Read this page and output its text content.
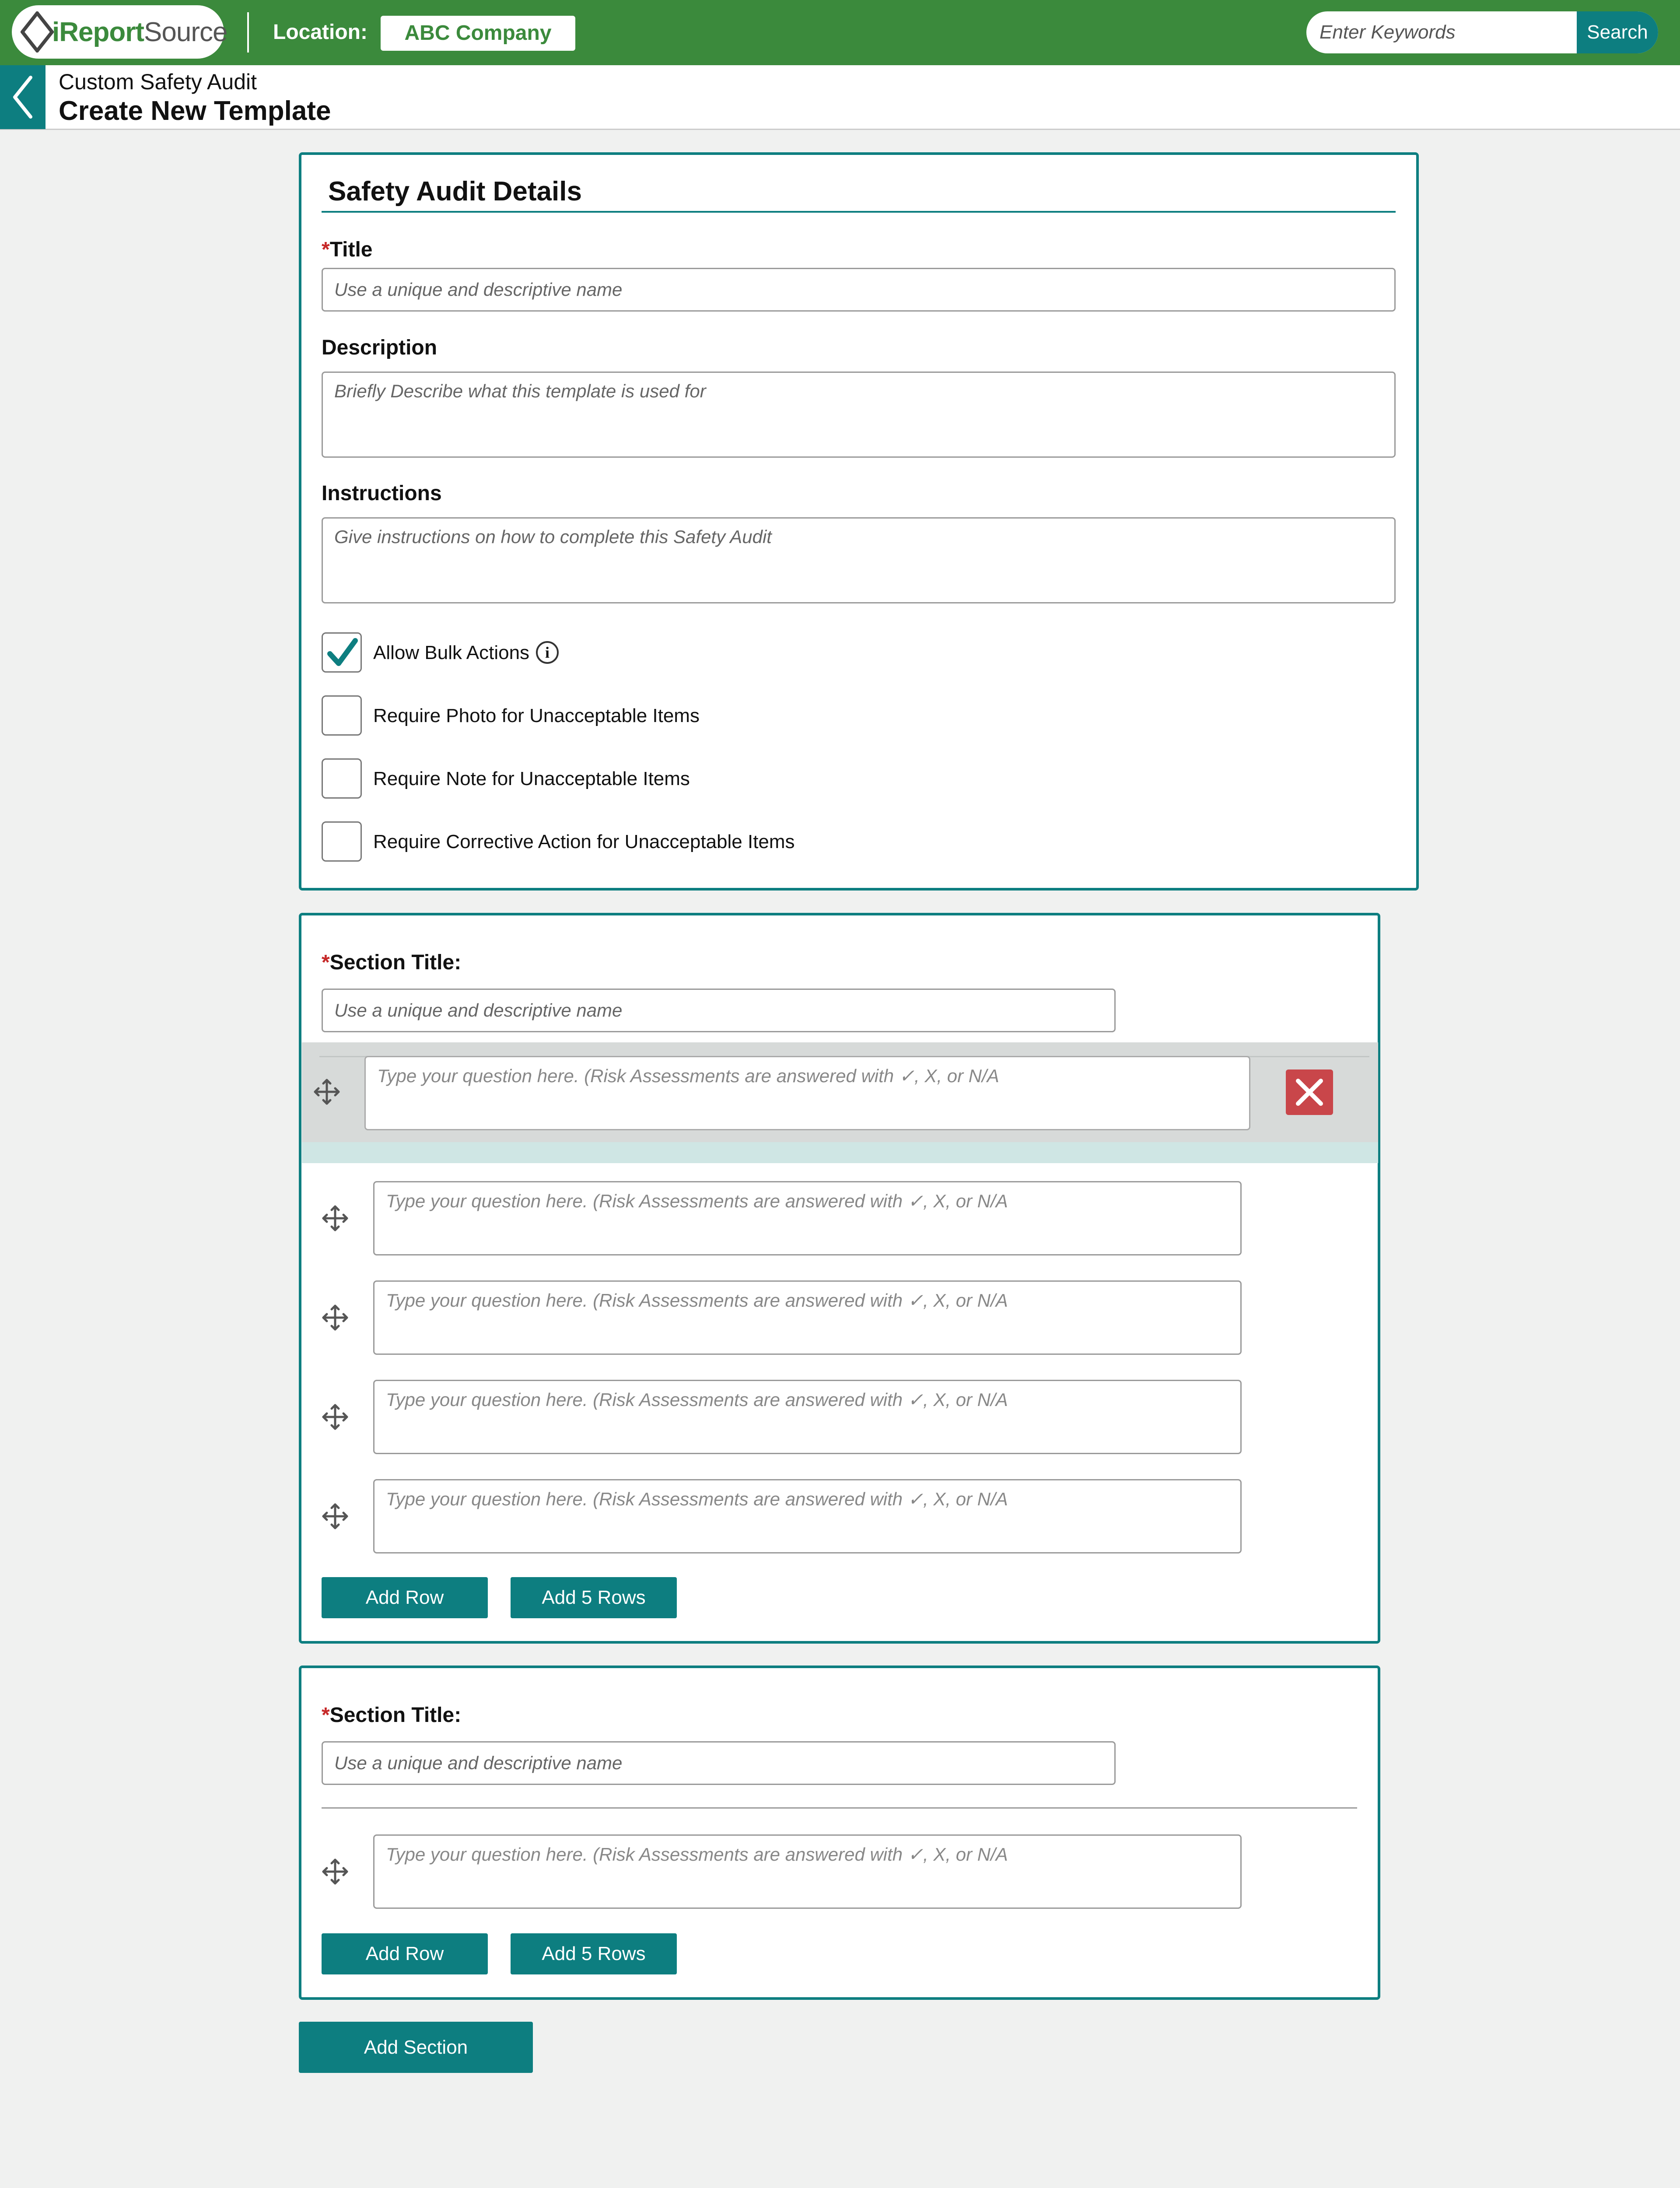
iReportSource Location:	ABC Company
Enter Keywords	Search
Custom Safety Audit
Create New Template
Safety Audit Details
*Title
Use a unique and descriptive name
Description
Briefly Describe what this template is used for
Instructions
Give instructions on how to complete this Safety Audit
Allow Bulk Actions i
Require Photo for Unacceptable Items
Require Note for Unacceptable Items
Require Corrective Action for Unacceptable Items
*Section Title:
Use a unique and descriptive name
Type your question here. (Risk Assessments are answered with ✓, X, or N/A
Type your question here. (Risk Assessments are answered with ✓, X, or N/A
Type your question here. (Risk Assessments are answered with ✓, X, or N/A
Type your question here. (Risk Assessments are answered with ✓, X, or N/A
Type your question here. (Risk Assessments are answered with ✓, X, or N/A
Add Row	Add 5 Rows
*Section Title:
Use a unique and descriptive name
Type your question here. (Risk Assessments are answered with ✓, X, or N/A
Add Row	Add 5 Rows
Add Section
